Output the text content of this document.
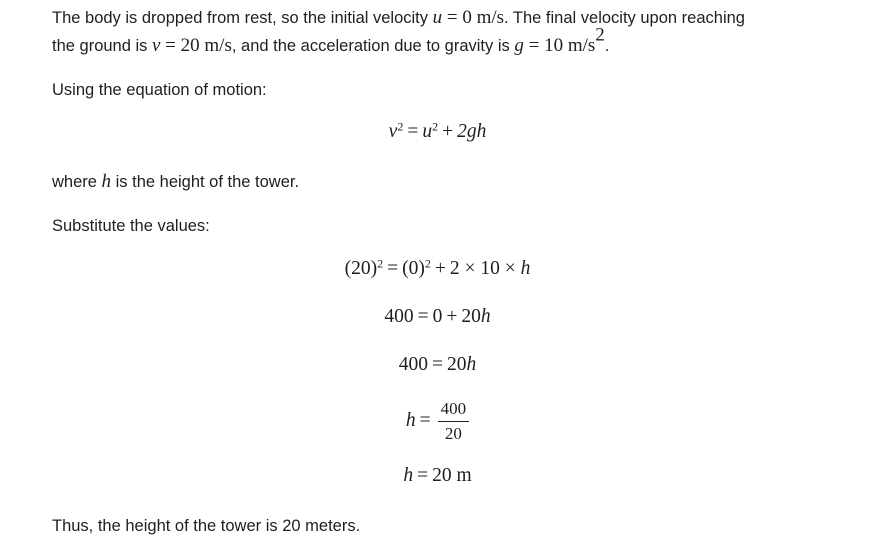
The body is dropped from rest, so the initial velocity u = 0 m/s. The final velocity upon reaching
the ground is v = 20 m/s, and the acceleration due to gravity is g = 10 $m/s^2$.
Using the equation of motion:
$v^2 = u^2 + 2gh$
where h is the height of the tower.
Substitute the values:
$(20)^2 = (0)^2 + 2 \times 10 \times h$
400 = 0 + 20h
400 = 20h
$h = \frac{400}{20}$
h = 20 m
Thus, the height of the tower is 20 meters.
